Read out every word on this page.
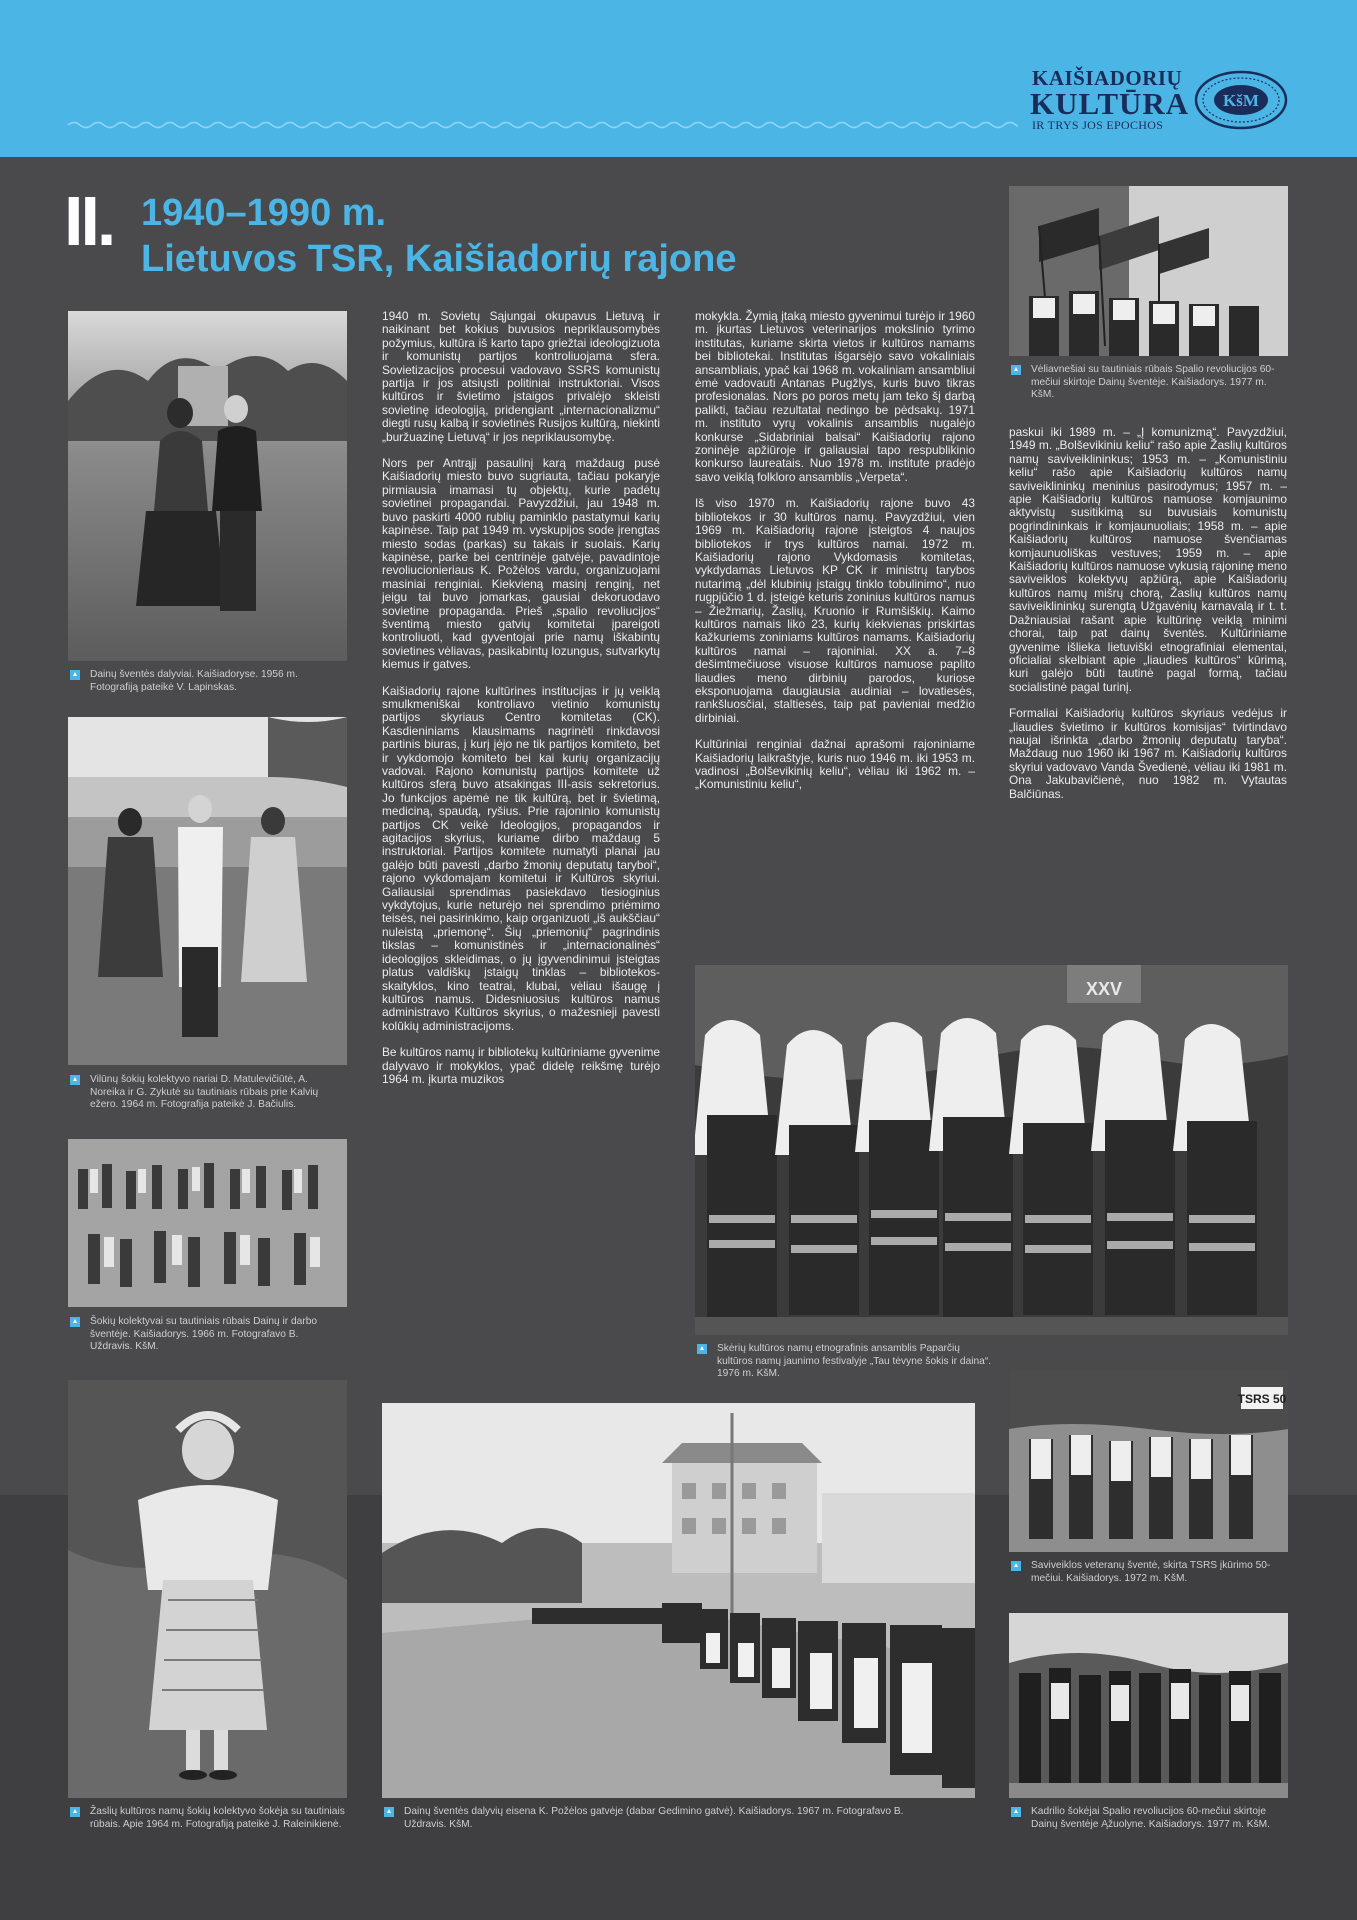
KAIŠIADORIŲ
KULTŪRA
IR TRYS JOS EPOCHOS
KšM
II. 1940–1990 m.
Lietuvos TSR, Kaišiadorių rajone
Dainų šventės dalyviai. Kaišiadoryse. 1956 m. Fotografiją pateikė V. Lapinskas.
Vilūnų šokių kolektyvo nariai D. Matulevičiūtė, A. Noreika ir G. Zykutė su tautiniais rūbais prie Kalvių ežero. 1964 m. Fotografija pateikė J. Bačiulis.
Šokių kolektyvai su tautiniais rūbais Dainų ir darbo šventėje. Kaišiadorys. 1966 m. Fotografavo B. Uždravis. KšM.
Žaslių kultūros namų šokių kolektyvo šokėja su tautiniais rūbais. Apie 1964 m. Fotografiją pateikė J. Raleinikienė.
Dainų šventės dalyvių eisena K. Požėlos gatvėje (dabar Gedimino gatvė). Kaišiadorys. 1967 m. Fotografavo B. Uždravis. KšM.
XXV
Skėrių kultūros namų etnografinis ansamblis Paparčių kultūros namų jaunimo festivalyje „Tau tėvyne šokis ir daina“. 1976 m. KšM.
Vėliavnešiai su tautiniais rūbais Spalio revoliucijos 60-mečiui skirtoje Dainų šventėje. Kaišiadorys. 1977 m. KšM.
TSRS 50
Saviveiklos veteranų šventė, skirta TSRS įkūrimo 50-mečiui. Kaišiadorys. 1972 m. KšM.
Kadrilio šokėjai Spalio revoliucijos 60-mečiui skirtoje Dainų šventėje Ąžuolyne. Kaišiadorys. 1977 m. KšM.

1940 m. Sovietų Sąjungai okupavus Lietuvą ir naikinant bet kokius buvusios nepriklausomybės požymius, kultūra iš karto tapo griežtai ideologizuota ir komunistų partijos kontroliuojama sfera. Sovietizacijos procesui vadovavo SSRS komunistų partija ir jos atsiųsti politiniai instruktoriai. Visos kultūros ir švietimo įstaigos privalėjo skleisti sovietinę ideologiją, pridengiant „internacionalizmu“ diegti rusų kalbą ir sovietinės Rusijos kultūrą, niekinti „buržuazinę Lietuvą“ ir jos nepriklausomybę.

Nors per Antrąjį pasaulinį karą maždaug pusė Kaišiadorių miesto buvo sugriauta, tačiau pokaryje pirmiausia imamasi tų objektų, kurie padėtų sovietinei propagandai. Pavyzdžiui, jau 1948 m. buvo paskirti 4000 rublių paminklo pastatymui karių kapinėse. Taip pat 1949 m. vyskupijos sode įrengtas miesto sodas (parkas) su takais ir suolais. Karių kapinėse, parke bei centrinėje gatvėje, pavadintoje revoliucionieriaus K. Požėlos vardu, organizuojami masiniai renginiai. Kiekvieną masinį renginį, net jeigu tai buvo jomarkas, gausiai dekoruodavo sovietine propaganda. Prieš „spalio revoliucijos“ šventimą miesto gatvių komitetai įpareigoti kontroliuoti, kad gyventojai prie namų iškabintų sovietines vėliavas, pasikabintų lozungus, sutvarkytų kiemus ir gatves.

Kaišiadorių rajone kultūrines institucijas ir jų veiklą smulkmeniškai kontroliavo vietinio komunistų partijos skyriaus Centro komitetas (CK). Kasdieniniams klausimams nagrinėti rinkdavosi partinis biuras, į kurį įėjo ne tik partijos komiteto, bet ir vykdomojo komiteto bei kai kurių organizacijų vadovai. Rajono komunistų partijos komitete už kultūros sferą buvo atsakingas III-asis sekretorius. Jo funkcijos apėmė ne tik kultūrą, bet ir švietimą, mediciną, spaudą, ryšius. Prie rajoninio komunistų partijos CK veikė Ideologijos, propagandos ir agitacijos skyrius, kuriame dirbo maždaug 5 instruktoriai. Partijos komitete numatyti planai jau galėjo būti pavesti „darbo žmonių deputatų taryboi“, rajono vykdomajam komitetui ir Kultūros skyriui. Galiausiai sprendimas pasiekdavo tiesioginius vykdytojus, kurie neturėjo nei sprendimo priėmimo teisės, nei pasirinkimo, kaip organizuoti „iš aukščiau“ nuleistą „priemonę“. Šių „priemonių“ pagrindinis tikslas – komunistinės ir „internacionalinės“ ideologijos skleidimas, o jų įgyvendinimui įsteigtas platus valdiškų įstaigų tinklas – bibliotekos-skaityklos, kino teatrai, klubai, vėliau išaugę į kultūros namus. Didesniuosius kultūros namus administravo Kultūros skyrius, o mažesniejі pavesti kolūkių administracijoms.

Be kultūros namų ir bibliotekų kultūriniame gyvenime dalyvavo ir mokyklos, ypač didelę reikšmę turėjo 1964 m. įkurta muzikos

mokykla. Žymią įtaką miesto gyvenimui turėjo ir 1960 m. įkurtas Lietuvos veterinarijos mokslinio tyrimo institutas, kuriame skirta vietos ir kultūros namams bei bibliotekai. Institutas išgarsėjo savo vokaliniais ansambliais, ypač kai 1968 m. vokaliniam ansambliui ėmė vadovauti Antanas Pugžlys, kuris buvo tikras profesionalas. Nors po poros metų jam teko šį darbą palikti, tačiau rezultatai nedingo be pėdsakų. 1971 m. instituto vyrų vokalinis ansamblis nugalėjo konkurse „Sidabriniai balsai“ Kaišiadorių rajono zoninėje apžiūroje ir galiausiai tapo respublikinio konkurso laureatais. Nuo 1978 m. institute pradėjo savo veiklą folkloro ansamblis „Verpeta“.

Iš viso 1970 m. Kaišiadorių rajone buvo 43 bibliotekos ir 30 kultūros namų. Pavyzdžiui, vien 1969 m. Kaišiadorių rajone įsteigtos 4 naujos bibliotekos ir trys kultūros namai. 1972 m. Kaišiadorių rajono Vykdomasis komitetas, vykdydamas Lietuvos KP CK ir ministrų tarybos nutarimą „dėl klubinių įstaigų tinklo tobulinimo“, nuo rugpjūčio 1 d. įsteigė keturis zoninius kultūros namus – Žiežmarių, Žaslių, Kruonio ir Rumšiškių. Kaimo kultūros namais liko 23, kurių kiekvienas priskirtas kažkuriems zoniniams kultūros namams. Kaišiadorių kultūros namai – rajoniniai. XX a. 7–8 dešimtmečiuose visuose kultūros namuose paplito liaudies meno dirbinių parodos, kuriose eksponuojama daugiausia audiniai – lovatiesės, rankšluosčiai, staltiesės, taip pat pavieniai medžio dirbiniai.

Kultūriniai renginiai dažnai aprašomi rajoniniame Kaišiadorių laikraštyje, kuris nuo 1946 m. iki 1953 m. vadinosi „Bolševikinių keliu“, vėliau iki 1962 m. – „Komunistiniu keliu“,

paskui iki 1989 m. – „Į komunizmą“. Pavyzdžiui, 1949 m. „Bolševikiniu keliu“ rašo apie Žaslių kultūros namų saviveiklininkus; 1953 m. – „Komunistiniu keliu“ rašo apie Kaišiadorių kultūros namų saviveiklininkų meninius pasirodymus; 1957 m. – apie Kaišiadorių kultūros namuose komjaunimo aktyvistų susitikimą su buvusiais komunistų pogrindininkais ir komjaunuoliais; 1958 m. – apie Kaišiadorių kultūros namuose švenčiamas komjaunuoliškas vestuves; 1959 m. – apie Kaišiadorių kultūros namuose vykusią rajoninę meno saviveiklos kolektyvų apžiūrą, apie Kaišiadorių kultūros namų mišrų chorą, Žaslių kultūros namų saviveiklininkų surengtą Užgavėnių karnavalą ir t. t. Dažniausiai rašant apie kultūrinę veiklą minimi chorai, taip pat dainų šventės. Kultūriniame gyvenime išlieka lietuviški etnografiniai elementai, oficialiai skelbiant apie „liaudies kultūros“ kūrimą, kuri galėjo būti tautinė pagal formą, tačiau socialistinė pagal turinį.

Formaliai Kaišiadorių kultūros skyriaus vedėjus ir „liaudies švietimo ir kultūros komisijas“ tvirtindavo naujai išrinkta „darbo žmonių deputatų taryba“. Maždaug nuo 1960 iki 1967 m. Kaišiadorių kultūros skyriui vadovavo Vanda Švedienė, vėliau iki 1981 m. Ona Jakubavičienė, nuo 1982 m. Vytautas Balčiūnas.
